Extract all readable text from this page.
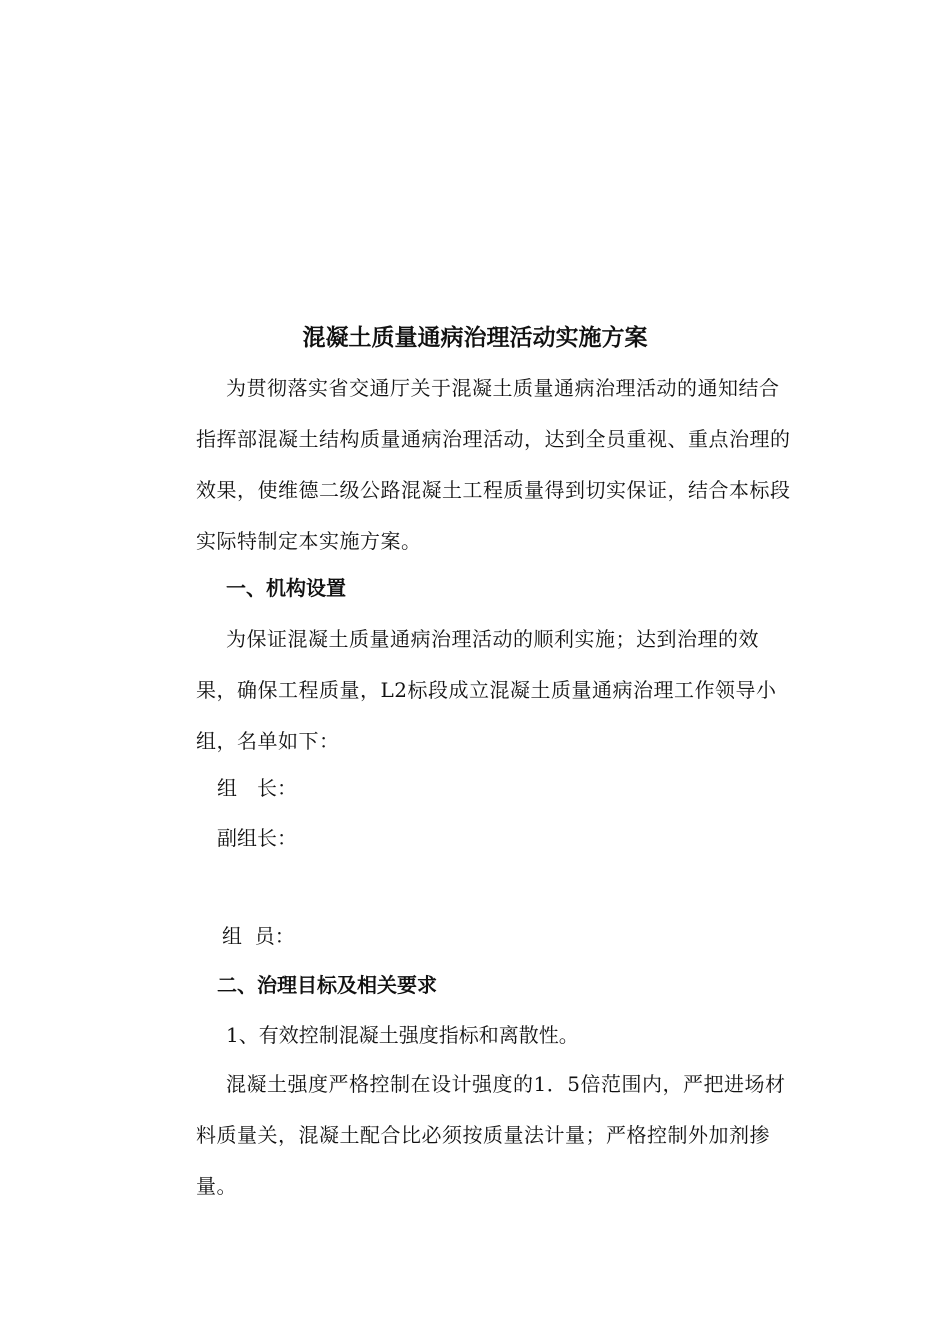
混凝土质量通病治理活动实施方案

为贯彻落实省交通厅关于混凝土质量通病治理活动的通知结合指挥部混凝土结构质量通病治理活动，达到全员重视、重点治理的效果，使维德二级公路混凝土工程质量得到切实保证，结合本标段实际特制定本实施方案。

一、机构设置

为保证混凝土质量通病治理活动的顺利实施；达到治理的效果，确保工程质量，L2标段成立混凝土质量通病治理工作领导小组，名单如下：

组　长：
副组长：
组  员：
二、治理目标及相关要求
1、有效控制混凝土强度指标和离散性。

混凝土强度严格控制在设计强度的1．5倍范围内，严把进场材料质量关，混凝土配合比必须按质量法计量；严格控制外加剂掺量。
